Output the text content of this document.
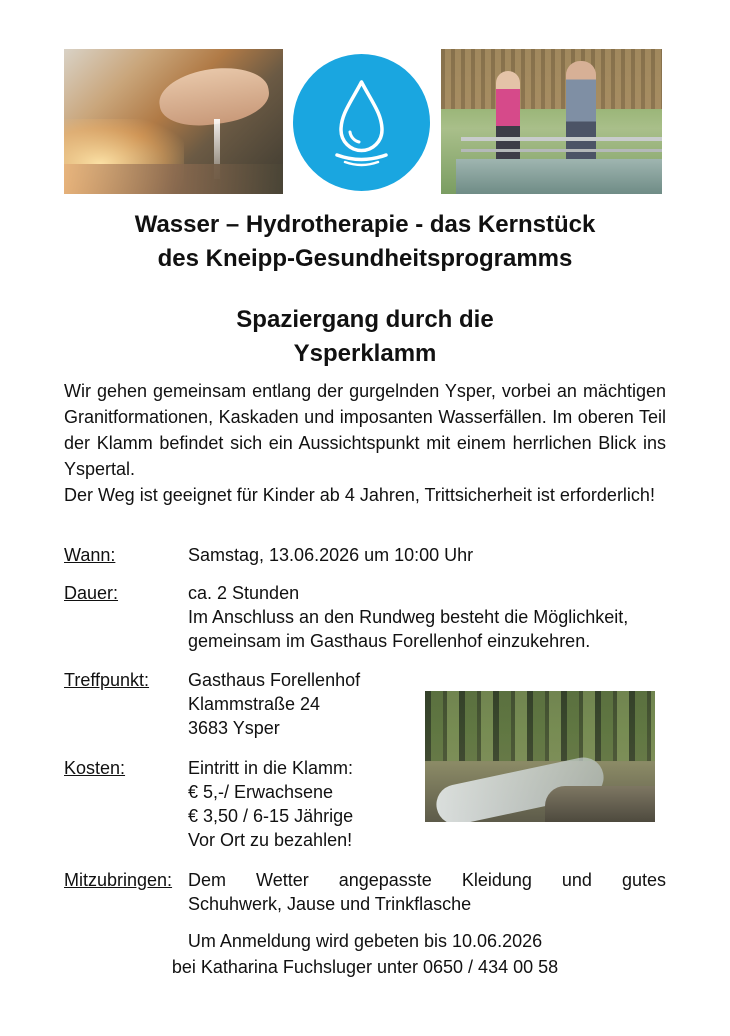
Wasser – Hydrotherapie - das Kernstück
des Kneipp-Gesundheitsprogramms
Spaziergang durch die
Ysperklamm

Wir gehen gemeinsam entlang der gurgelnden Ysper, vorbei an mächtigen Granitformationen, Kaskaden und imposanten Wasserfällen. Im oberen Teil der Klamm befindet sich ein Aussichtspunkt mit einem herrlichen Blick ins Yspertal.

Der Weg ist geeignet für Kinder ab 4 Jahren, Trittsicherheit ist erforderlich!

Wann:	Samstag, 13.06.2026 um 10:00 Uhr
Dauer:	ca. 2 Stunden
Im Anschluss an den Rundweg besteht die Möglichkeit,
gemeinsam im Gasthaus Forellenhof einzukehren.
Treffpunkt: Gasthaus Forellenhof
Klammstraße 24
3683 Ysper
Kosten:	Eintritt in die Klamm:
€ 5,-/ Erwachsene
€ 3,50 / 6-15 Jährige
Vor Ort zu bezahlen!
Mitzubringen: Dem Wetter angepasste Kleidung und gutes
Schuhwerk, Jause und Trinkflasche
Um Anmeldung wird gebeten bis 10.06.2026
bei Katharina Fuchsluger unter 0650 / 434 00 58
